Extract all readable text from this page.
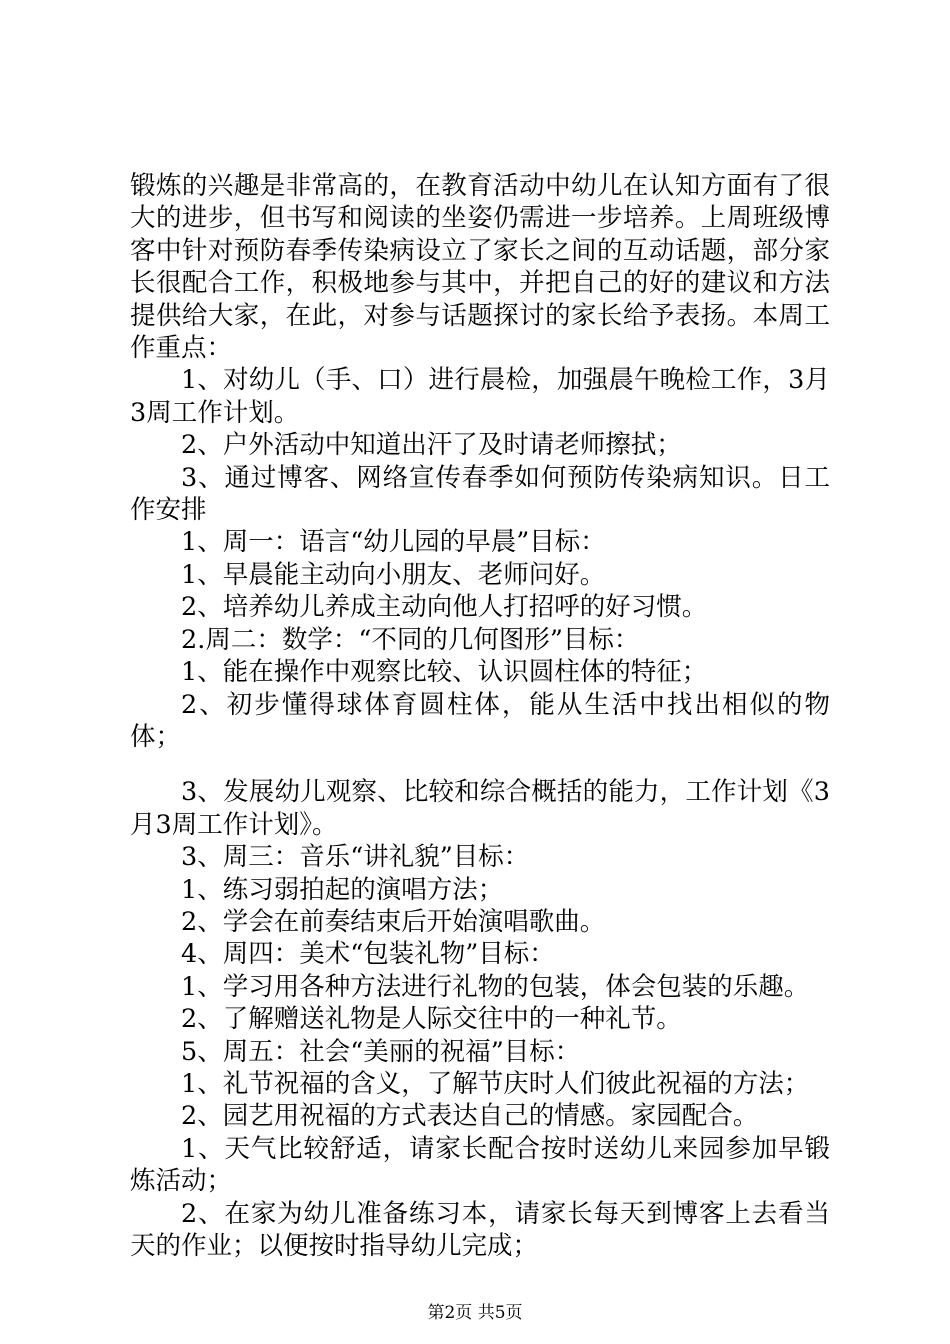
锻炼的兴趣是非常高的，在教育活动中幼儿在认知方面有了很大的进步，但书写和阅读的坐姿仍需进一步培养。上周班级博客中针对预防春季传染病设立了家长之间的互动话题，部分家长很配合工作，积极地参与其中，并把自己的好的建议和方法提供给大家，在此，对参与话题探讨的家长给予表扬。本周工作重点：

1、对幼儿（手、口）进行晨检，加强晨午晚检工作，3月3周工作计划。

2、户外活动中知道出汗了及时请老师擦拭；

3、通过博客、网络宣传春季如何预防传染病知识。日工作安排

1、周一：语言“幼儿园的早晨”目标：

1、早晨能主动向小朋友、老师问好。

2、培养幼儿养成主动向他人打招呼的好习惯。

2.周二：数学：“不同的几何图形”目标：

1、能在操作中观察比较、认识圆柱体的特征；

2、初步懂得球体育圆柱体，能从生活中找出相似的物体；

3、发展幼儿观察、比较和综合概括的能力，工作计划《3月3周工作计划》。

3、周三：音乐“讲礼貌”目标：

1、练习弱拍起的演唱方法；

2、学会在前奏结束后开始演唱歌曲。

4、周四：美术“包装礼物”目标：

1、学习用各种方法进行礼物的包装，体会包装的乐趣。

2、了解赠送礼物是人际交往中的一种礼节。

5、周五：社会“美丽的祝福”目标：

1、礼节祝福的含义，了解节庆时人们彼此祝福的方法；

2、园艺用祝福的方式表达自己的情感。家园配合。

1、天气比较舒适，请家长配合按时送幼儿来园参加早锻炼活动；

2、在家为幼儿准备练习本，请家长每天到博客上去看当天的作业；以便按时指导幼儿完成；

第2页 共5页
